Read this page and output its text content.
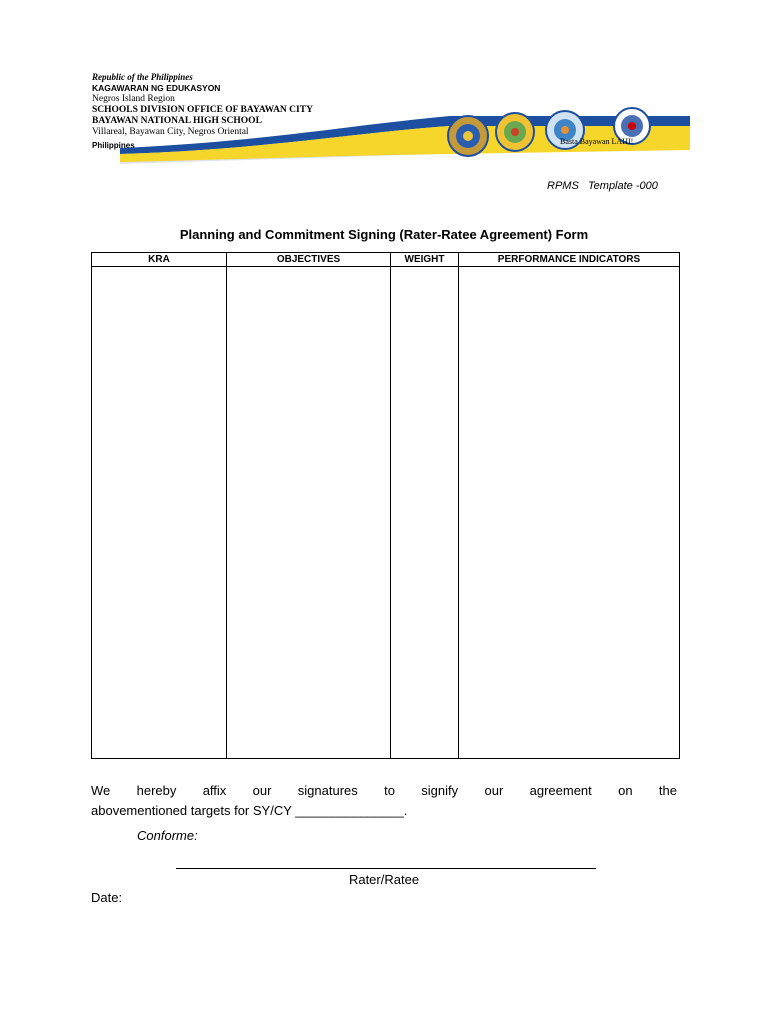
Republic of the Philippines
KAGAWARAN NG EDUKASYON
Negros Island Region
SCHOOLS DIVISION OFFICE OF BAYAWAN CITY
BAYAWAN NATIONAL HIGH SCHOOL
Villareal, Bayawan City, Negros Oriental
Philippines	Basta Bayawan LAHI!
RPMS   Template -000
Planning and Commitment Signing (Rater-Ratee Agreement) Form
KRA	OBJECTIVES	WEIGHT	PERFORMANCE INDICATORS

We hereby affix our signatures to signify our agreement on the
abovementioned targets for SY/CY _______________.
Conforme:
Rater/Ratee
Date:
